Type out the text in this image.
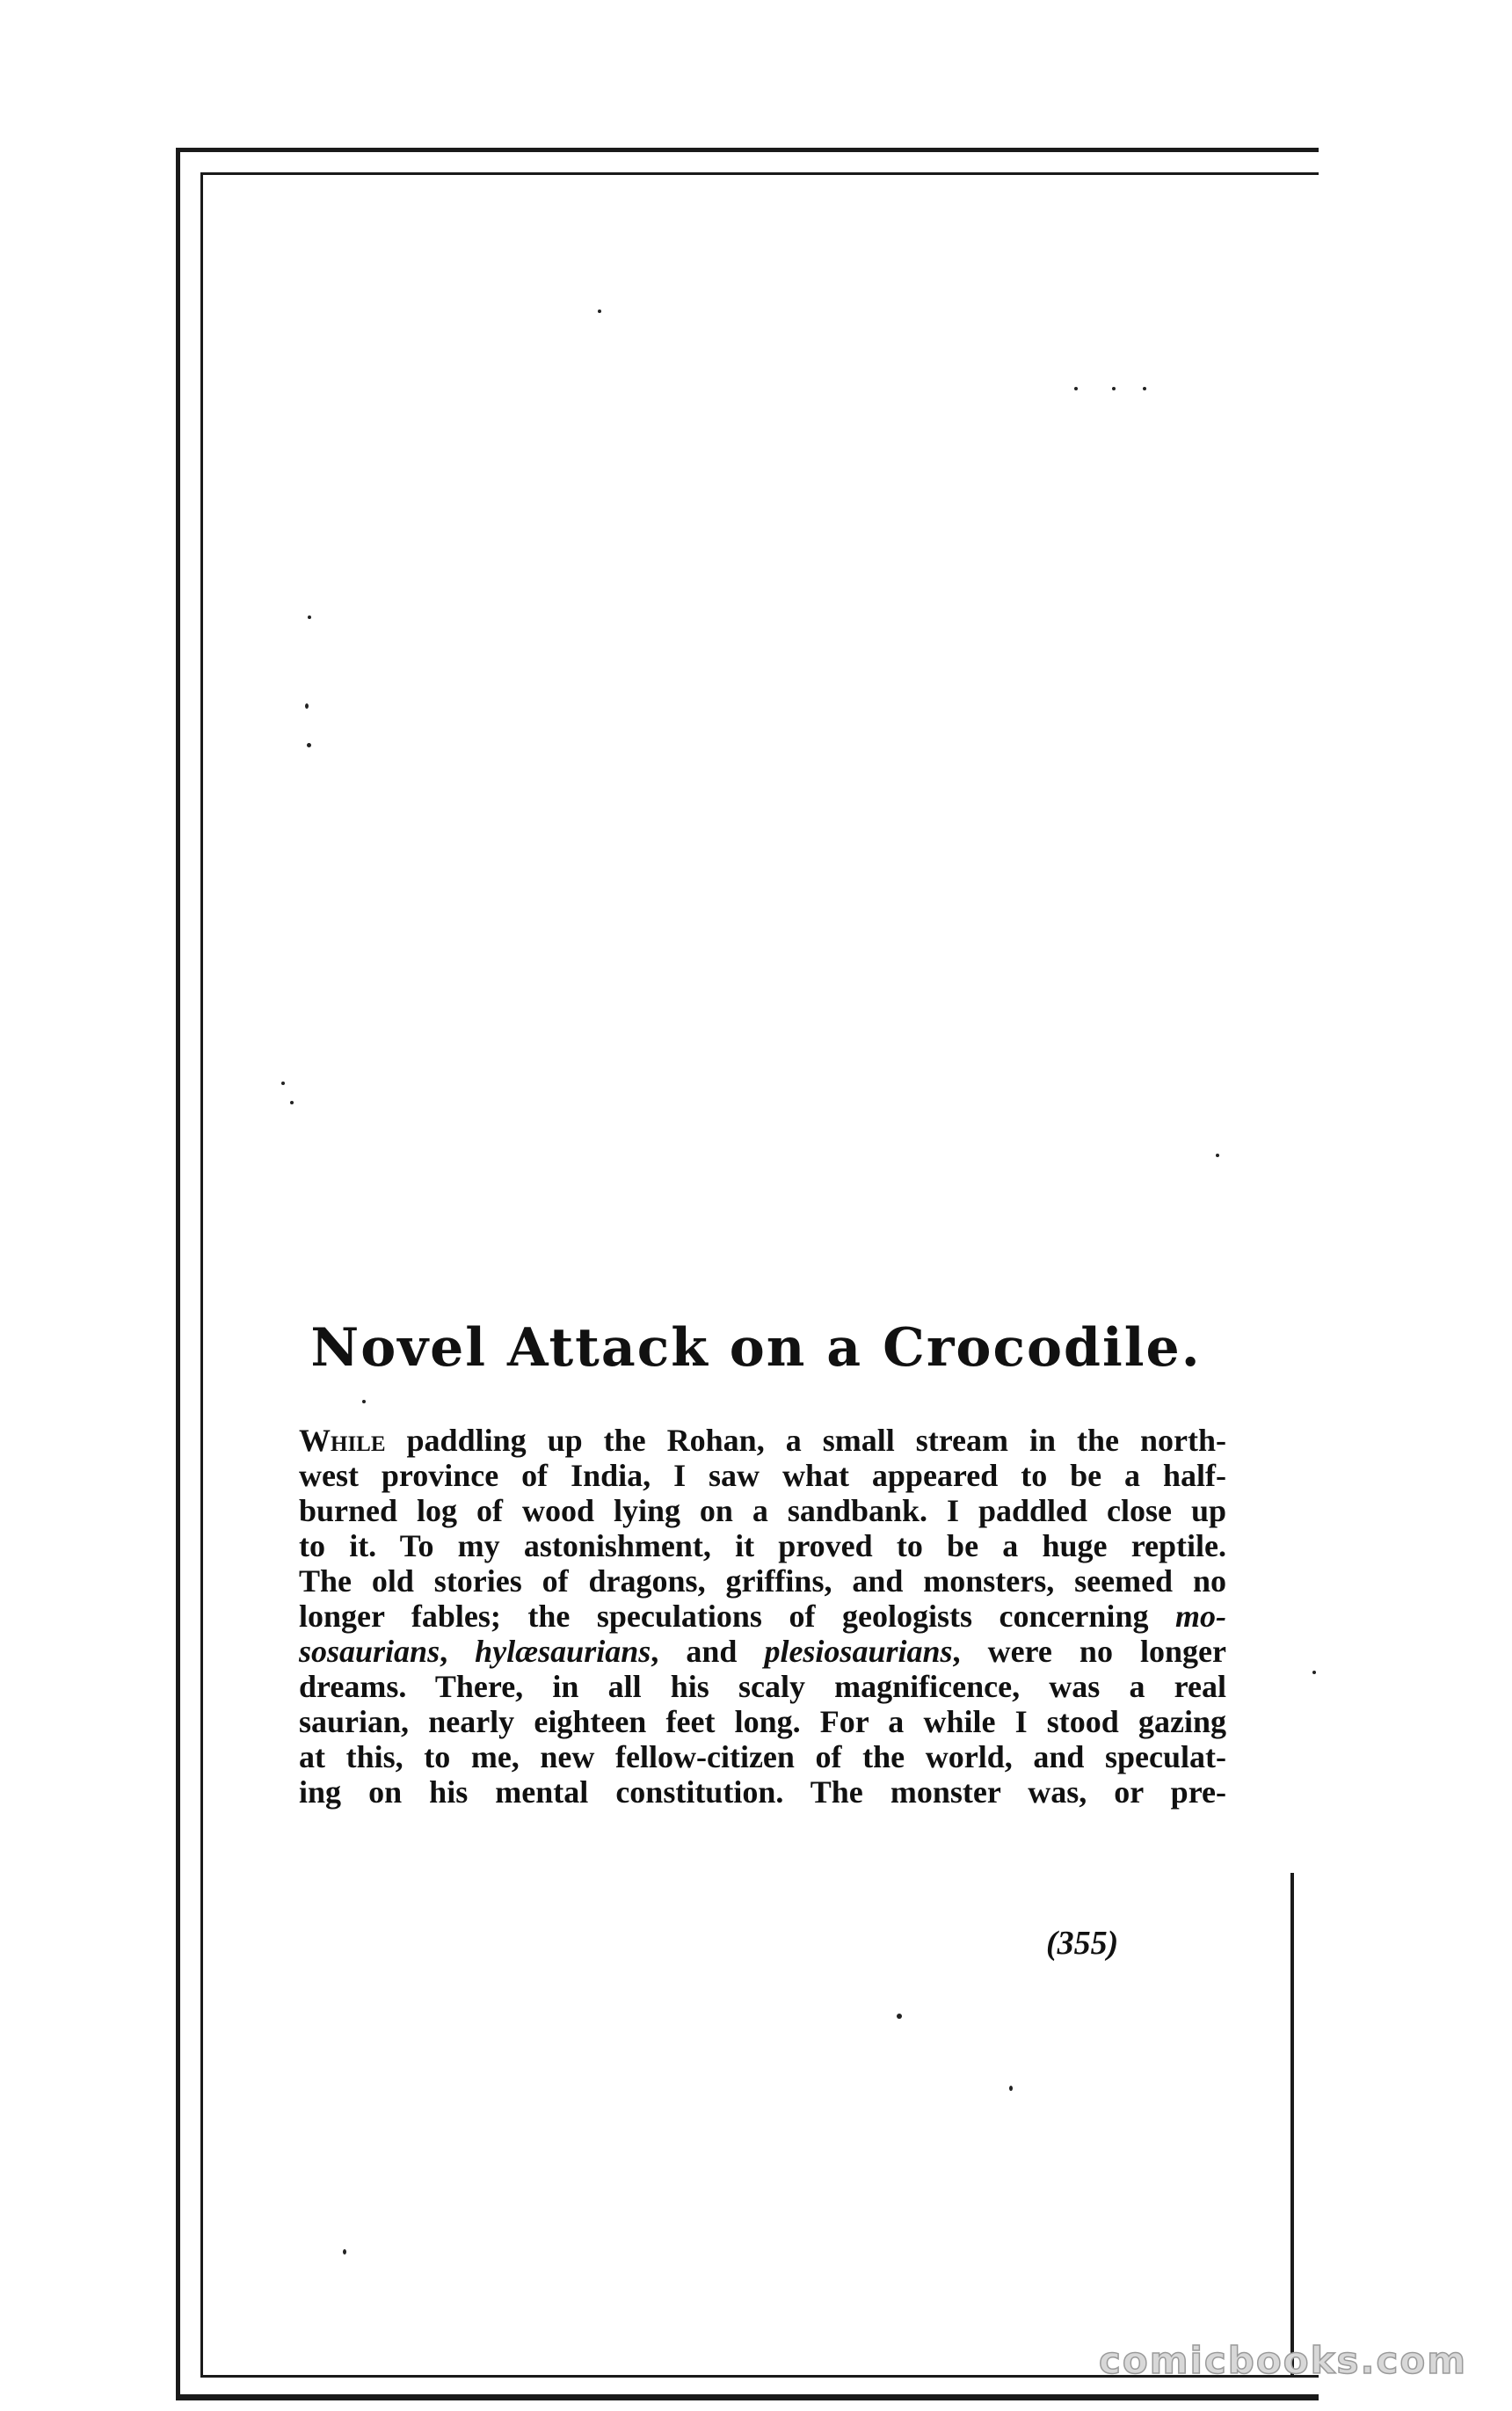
Novel Attack on a Crocodile.
While paddling up the Rohan, a small stream in the north-
west province of India, I saw what appeared to be a half-
burned log of wood lying on a sandbank. I paddled close up
to it. To my astonishment, it proved to be a huge reptile.
The old stories of dragons, griffins, and monsters, seemed no
longer fables; the speculations of geologists concerning mo-
sosaurians, hylæsaurians, and plesiosaurians, were no longer
dreams. There, in all his scaly magnificence, was a real
saurian, nearly eighteen feet long. For a while I stood gazing
at this, to me, new fellow-citizen of the world, and speculat-
ing on his mental constitution. The monster was, or pre-
(355)
comicbooks.com
